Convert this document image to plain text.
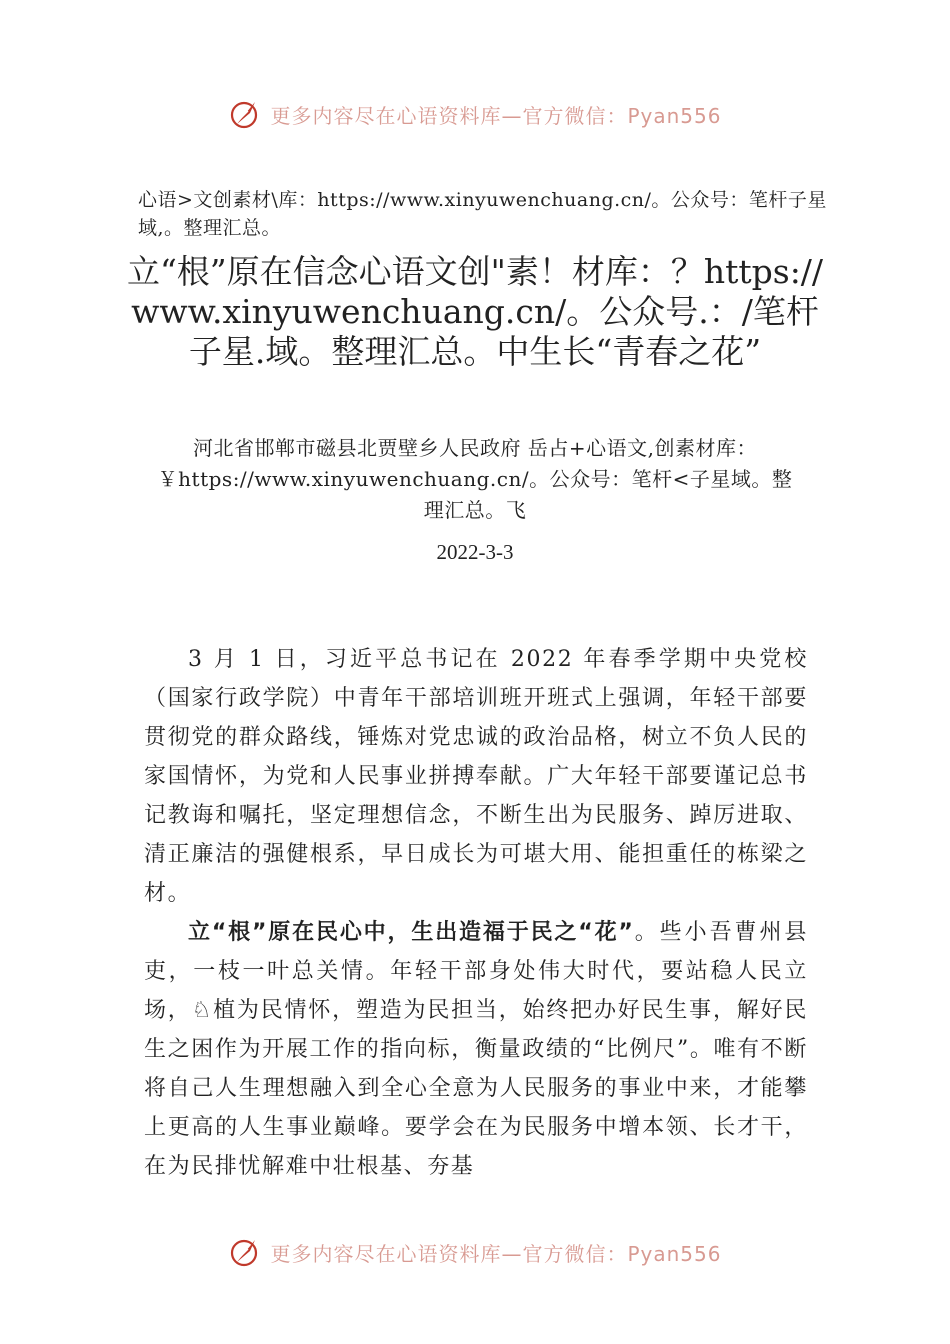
更多内容尽在心语资料库—官方微信：Pyan556

心语>文创素材\库：https://www.xinyuwenchuang.cn/。公众号：笔杆子星域,。整理汇总。

立“根”原在信念心语文创"素！材库：？https://www.xinyuwenchuang.cn/。公众号.：/笔杆子星.域。整理汇总。中生长“青春之花”

河北省邯郸市磁县北贾壁乡人民政府 岳占+心语文,创素材库：￥https://www.xinyuwenchuang.cn/。公众号：笔杆<子星域。整理汇总。飞

2022-3-3

3 月 1 日，习近平总书记在 2022 年春季学期中央党校（国家行政学院）中青年干部培训班开班式上强调，年轻干部要贯彻党的群众路线，锤炼对党忠诚的政治品格，树立不负人民的家国情怀，为党和人民事业拼搏奉献。广大年轻干部要谨记总书记教诲和嘱托，坚定理想信念，不断生出为民服务、踔厉进取、清正廉洁的强健根系，早日成长为可堪大用、能担重任的栋梁之材。

立“根”原在民心中，生出造福于民之“花”。些小吾曹州县吏，一枝一叶总关情。年轻干部身处伟大时代，要站稳人民立场，♘植为民情怀，塑造为民担当，始终把办好民生事，解好民生之困作为开展工作的指向标，衡量政绩的“比例尺”。唯有不断将自己人生理想融入到全心全意为人民服务的事业中来，才能攀上更高的人生事业巅峰。要学会在为民服务中增本领、长才干，在为民排忧解难中壮根基、夯基

更多内容尽在心语资料库—官方微信：Pyan556
